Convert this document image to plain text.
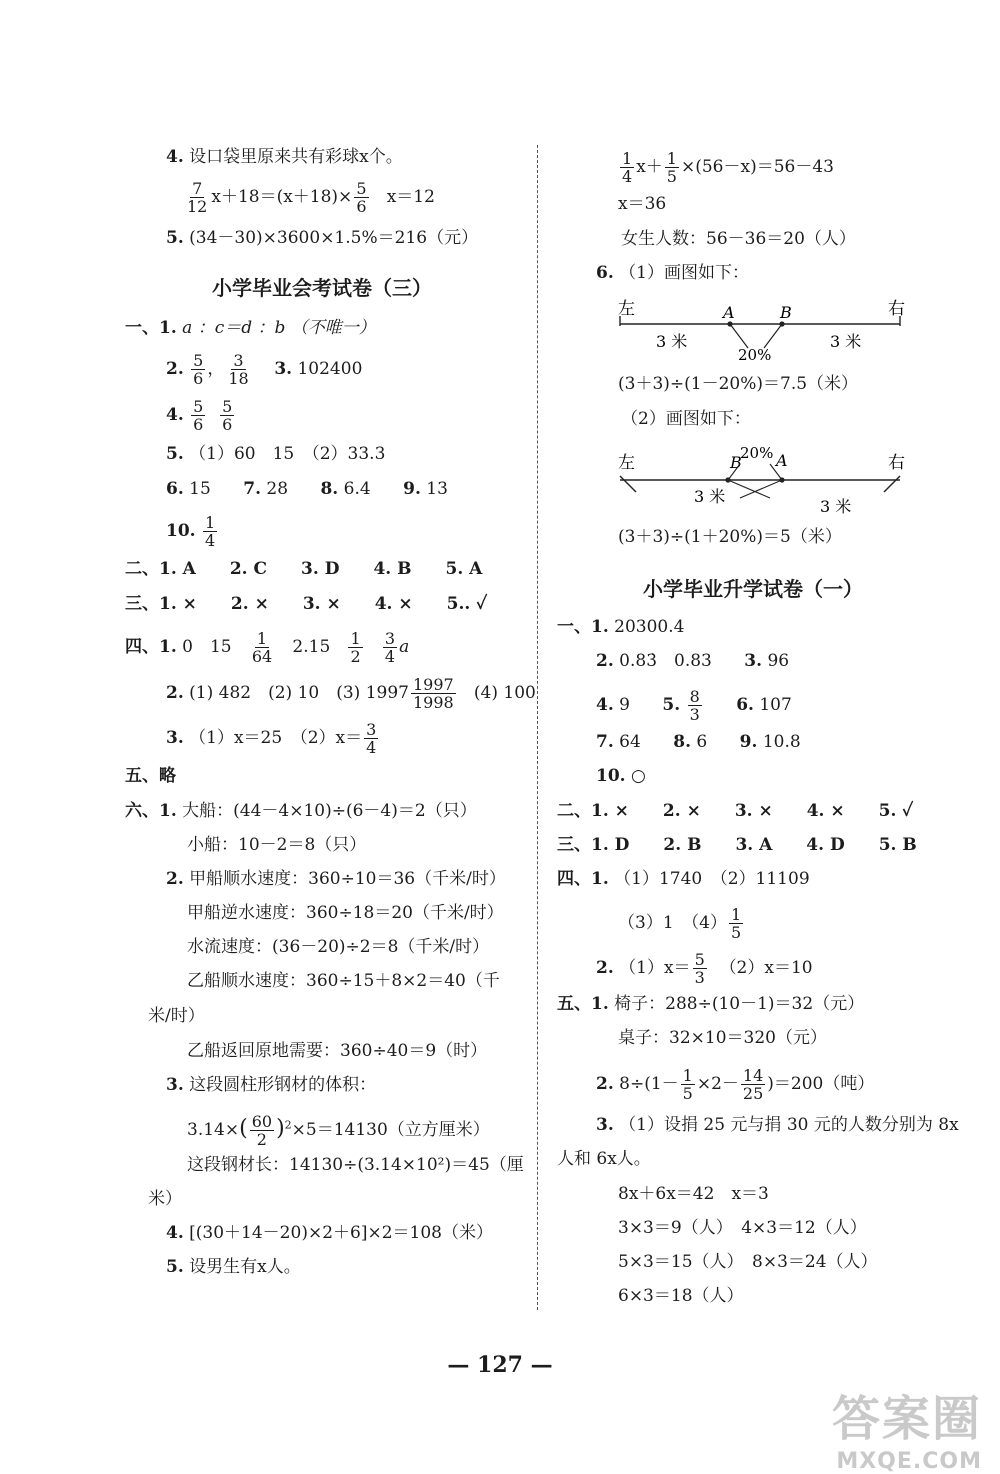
4. 设口袋里原来共有彩球x个。
$\frac{7}{12} x+18=(x+18)\times \frac{5}{6} x=12$
5. (34－30)×3600×1.5%＝216（元）
小学毕业会考试卷（三）
一、1. a ：c＝d ：b （不唯一）
2. $\frac{5}{6}$ ， $\frac{3}{18} 3$. 102400
4. $\frac{5}{6}$
$\frac{5}{6}$
5. （1）60　15　（2）33.3
6. 15 7. 28 8. 6.4 9. 13
10. $\frac{1}{4}$
二、1. A　　2. C　　3. D　　4. B　　5. A
三、1. ×　　2. ×　　3. ×　　4. ×　　5.. ✓
四、1. 0　$15 \frac{1}{64} 2.15 \frac{1}{2}$
$\frac{3}{4}$ a
2. (1) 482　(2) 10　(3) $1997 \frac{1997}{1998} (4)$ 100
3. （1）x＝25　$(2)x= \frac{3}{4}$
五、略
六、1. 大船：(44－4×10)÷(6－4)＝2（只）
小船：10－2＝8（只）
2. 甲船顺水速度：360÷10＝36（千米/时）
甲船逆水速度：360÷18＝20（千米/时）
水流速度：(36－20)÷2＝8（千米/时）
乙船顺水速度：360÷15＋8×2＝40（千
米/时）
乙船返回原地需要：360÷40＝9（时）
3. 这段圆柱形钢材的体积：
$3.14\times( \frac{60}{2} )^2\times 5=14130$（立方厘米）
这段钢材长：14130÷(3.14×10²)＝45（厘
米）
4. [(30＋14－20)×2＋6]×2＝108（米）
5. 设男生有x人。
$\frac{1}{4} x+ \frac{1}{5} \times(56-x)=56-43$
x＝36
女生人数：56－36＝20（人）
6. （1）画图如下：
左	右
A	B
3 米	3 米
20%
(3＋3)÷(1－20%)＝7.5（米）
（2）画图如下：
左	右
B A
20%
3 米
3 米
(3＋3)÷(1＋20%)＝5（米）
小学毕业升学试卷（一）
一、1. 20300.4
2. 0.83̇　0.83 3. 96
4. 9 5. $\frac{8}{3} 6$. 107
7. 64 8. 6 9. 10.8
10. ○
二、1. ×　　2. ×　　3. ×　　4. ×　　5. ✓
三、1. D　　2. B　　3. A　　4. D　　5. B
四、1. （1）1740　（2）11109
（3）1　$(4) \frac{1}{5}$
2. $(1)x= \frac{5}{3} (2)x=10$
五、1. 椅子：288÷(10－1)＝32（元）
桌子：32×10＝320（元）
2. $8\div(1- \frac{1}{5} \times 2- \frac{14}{25} )=200$（吨）
3. （1）设捐 25 元与捐 30 元的人数分别为 8x
人和 6x人。
8x＋6x＝42　x＝3
3×3＝9（人）　4×3＝12（人）
5×3＝15（人）　8×3＝24（人）
6×3＝18（人）
— 127 —
答案圈
MXQE.COM
